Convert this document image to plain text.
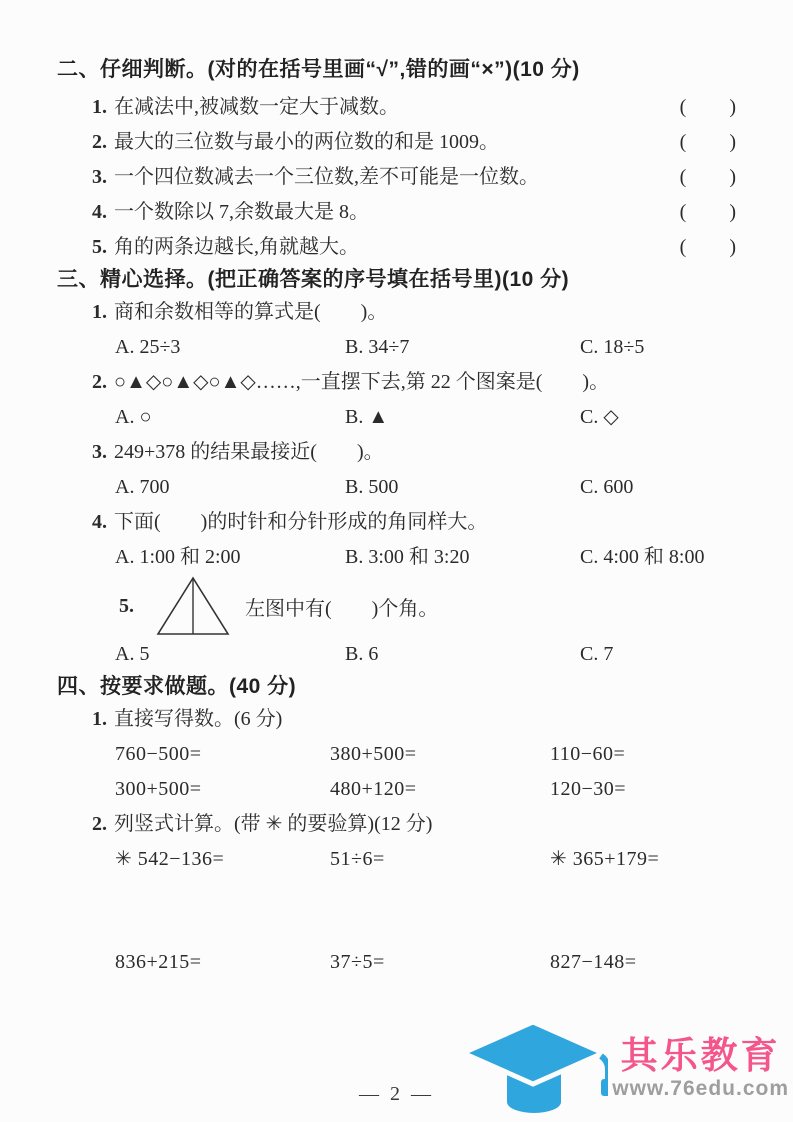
二、仔细判断。(对的在括号里画“√”,错的画“×”)(10 分)
1. 在减法中,被减数一定大于减数。	(　　)
2. 最大的三位数与最小的两位数的和是 1009。	(　　)
3. 一个四位数减去一个三位数,差不可能是一位数。	(　　)
4. 一个数除以 7,余数最大是 8。	(　　)
5. 角的两条边越长,角就越大。	(　　)
三、精心选择。(把正确答案的序号填在括号里)(10 分)
1. 商和余数相等的算式是(　　)。
A. 25÷3	B. 34÷7	C. 18÷5
2. ○▲◇○▲◇○▲◇……,一直摆下去,第 22 个图案是(　　)。
A. ○	B. ▲	C. ◇
3. 249+378 的结果最接近(　　)。
A. 700	B. 500	C. 600
4. 下面(　　)的时针和分针形成的角同样大。
A. 1:00 和 2:00	B. 3:00 和 3:20	C. 4:00 和 8:00
5.	左图中有(　　)个角。
A. 5	B. 6	C. 7
四、按要求做题。(40 分)
1. 直接写得数。(6 分)
760−500=	380+500=	110−60=
300+500=	480+120=	120−30=
2. 列竖式计算。(带 ✳ 的要验算)(12 分)
✳ 542−136=	51÷6=	✳ 365+179=
836+215=	37÷5=	827−148=
— 2 —
其乐教育
www.76edu.com
